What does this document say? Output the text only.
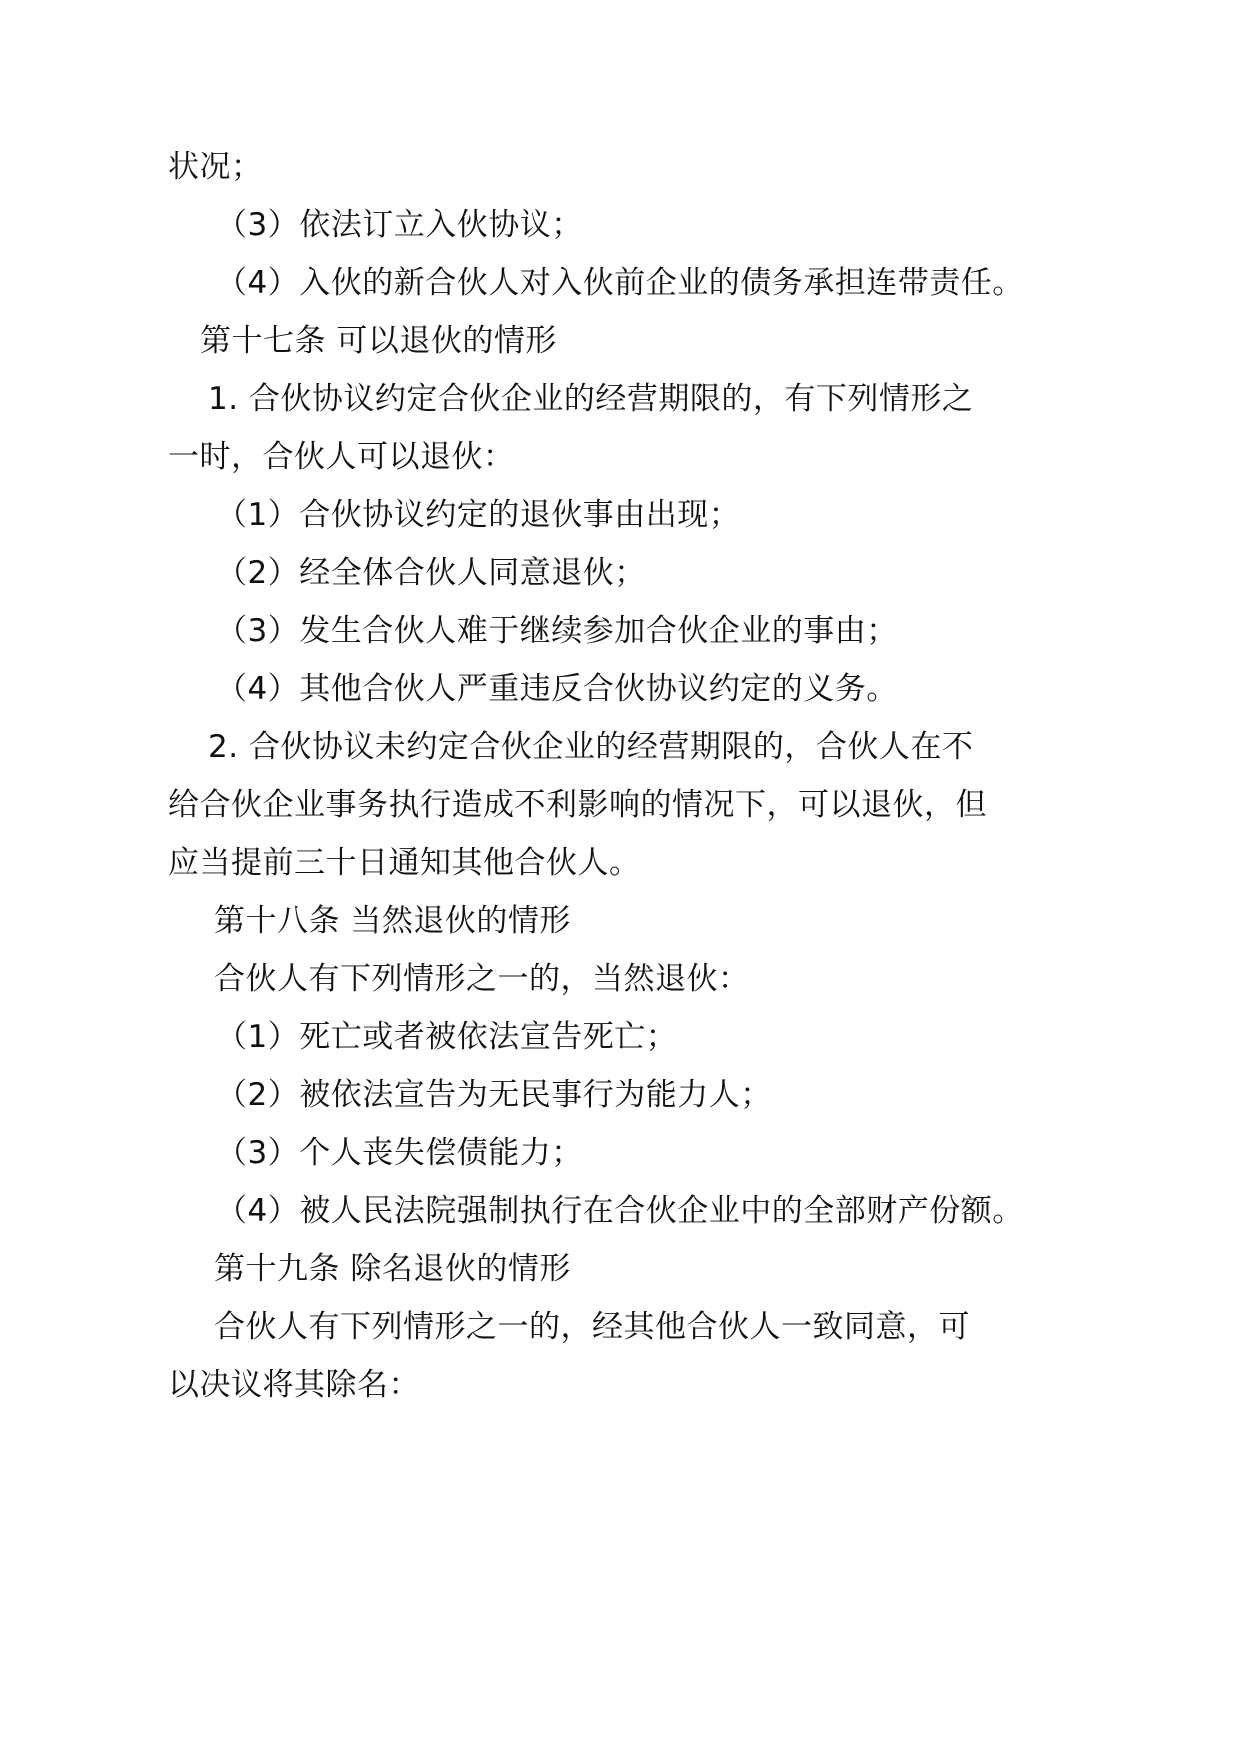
状况；
（3）依法订立入伙协议；
（4）入伙的新合伙人对入伙前企业的债务承担连带责任。
第十七条 可以退伙的情形
1. 合伙协议约定合伙企业的经营期限的，有下列情形之
一时，合伙人可以退伙：
（1）合伙协议约定的退伙事由出现；
（2）经全体合伙人同意退伙；
（3）发生合伙人难于继续参加合伙企业的事由；
（4）其他合伙人严重违反合伙协议约定的义务。
2. 合伙协议未约定合伙企业的经营期限的，合伙人在不
给合伙企业事务执行造成不利影响的情况下，可以退伙，但
应当提前三十日通知其他合伙人。
第十八条 当然退伙的情形
合伙人有下列情形之一的，当然退伙：
（1）死亡或者被依法宣告死亡；
（2）被依法宣告为无民事行为能力人；
（3）个人丧失偿债能力；
（4）被人民法院强制执行在合伙企业中的全部财产份额。
第十九条 除名退伙的情形
合伙人有下列情形之一的，经其他合伙人一致同意，可
以决议将其除名：
